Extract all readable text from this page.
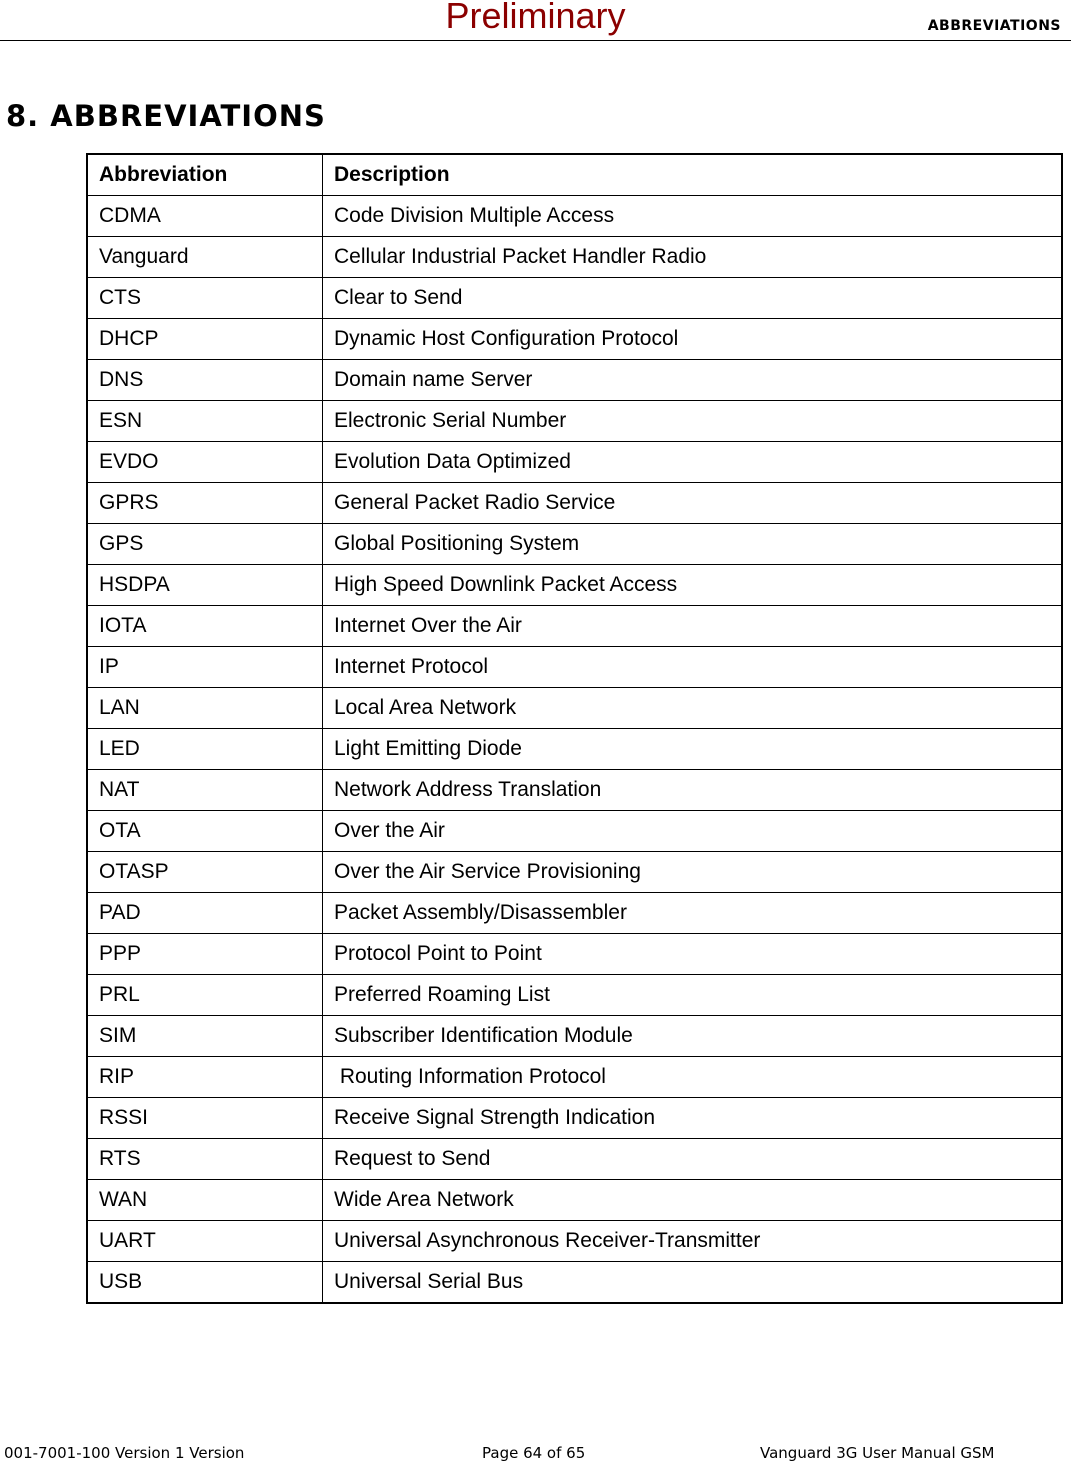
Preliminary	ABBREVIATIONS
8. ABBREVIATIONS
Abbreviation	Description
CDMA	Code Division Multiple Access
Vanguard	Cellular Industrial Packet Handler Radio
CTS	Clear to Send
DHCP	Dynamic Host Configuration Protocol
DNS	Domain name Server
ESN	Electronic Serial Number
EVDO	Evolution Data Optimized
GPRS	General Packet Radio Service
GPS	Global Positioning System
HSDPA	High Speed Downlink Packet Access
IOTA	Internet Over the Air
IP	Internet Protocol
LAN	Local Area Network
LED	Light Emitting Diode
NAT	Network Address Translation
OTA	Over the Air
OTASP	Over the Air Service Provisioning
PAD	Packet Assembly/Disassembler
PPP	Protocol Point to Point
PRL	Preferred Roaming List
SIM	Subscriber Identification Module
RIP	Routing Information Protocol
RSSI	Receive Signal Strength Indication
RTS	Request to Send
WAN	Wide Area Network
UART	Universal Asynchronous Receiver-Transmitter
USB	Universal Serial Bus
001-7001-100 Version 1 Version	Page 64 of 65	Vanguard 3G User Manual GSM
